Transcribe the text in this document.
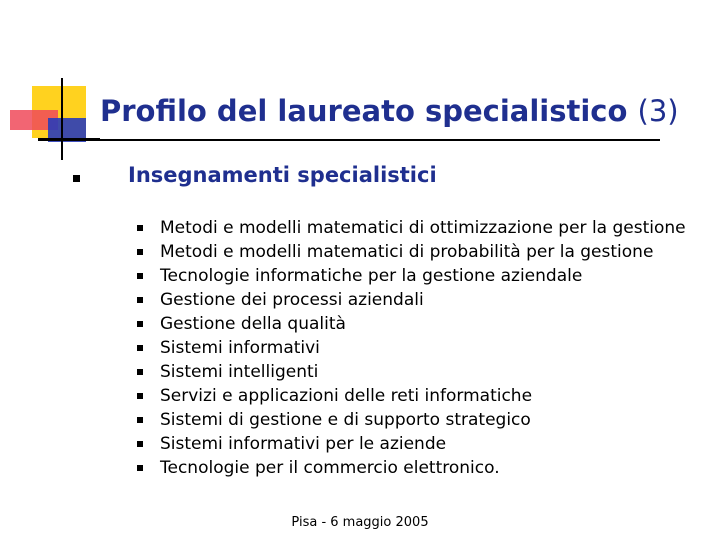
Profilo del laureato specialistico (3)
Insegnamenti specialistici
Metodi e modelli matematici di ottimizzazione per la gestione
Metodi e modelli matematici di probabilità per la gestione
Tecnologie informatiche per la gestione aziendale
Gestione dei processi aziendali
Gestione della qualità
Sistemi informativi
Sistemi intelligenti
Servizi e applicazioni delle reti informatiche
Sistemi di gestione e di supporto strategico
Sistemi informativi per le aziende
Tecnologie per il commercio elettronico.
Pisa - 6 maggio 2005
